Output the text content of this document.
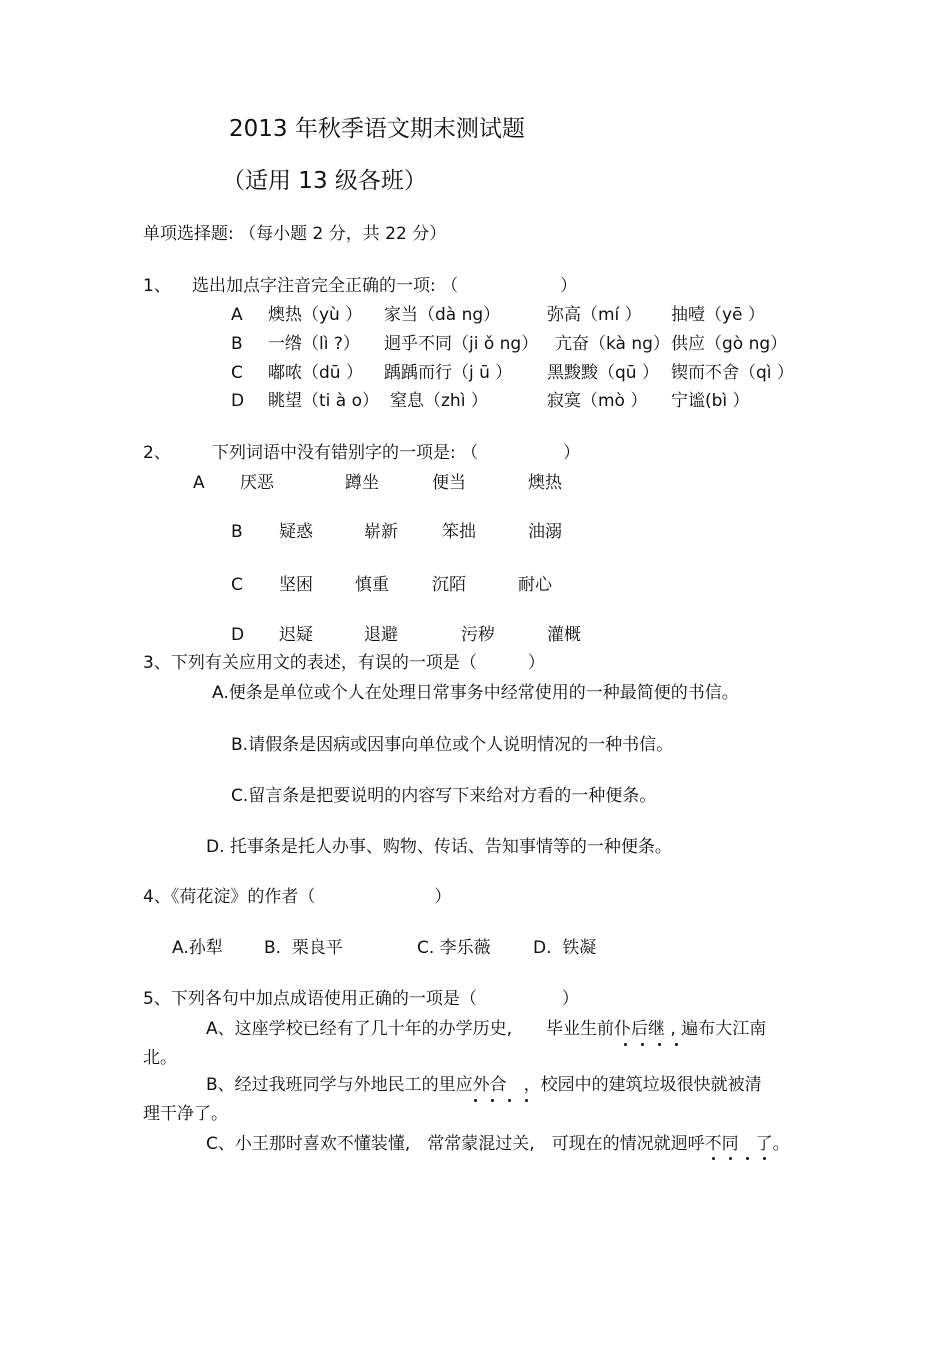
2013 年秋季语文期末测试题
（适用 13 级各班）
单项选择题: （每小题 2 分，共 22 分）
1、 选出加点字注音完全正确的一项: （　　　　　　）
A 燠热（yù ） 家当（dà ng）	弥高（mí ） 抽噎（yē ）
B 一绺（lì ?） 迥乎不同（ji ǒ ng） 亢奋（kà ng） 供应（gò ng）
C 嘟哝（dū ） 踽踽而行（j ū ） 黑黢黢（qū ） 锲而不舍（qì ）
D 眺望（ti à o） 窒息（zhì ）	寂寞（mò ） 宁谧(bì ）
2、 下列词语中没有错别字的一项是: （　　　　　）
A 厌恶	蹲坐	便当	燠热
B 疑惑	崭新	笨拙	油溺
C 坚困 慎重	沉陌	耐心
D 迟疑	退避	污秽	灌概
3、下列有关应用文的表述，有误的一项是（　　　）
A.便条是单位或个人在处理日常事务中经常使用的一种最简便的书信。
B.请假条是因病或因事向单位或个人说明情况的一种书信。
C.留言条是把要说明的内容写下来给对方看的一种便条。
D. 托事条是托人办事、购物、传话、告知事情等的一种便条。
4、《荷花淀》的作者（　　　　　　　）
A.孙犁 B.  栗良平	C. 李乐薇 D.  铁凝
5、下列各句中加点成语使用正确的一项是（　　　　　）
A、这座学校已经有了几十年的办学历史,　　毕业生前仆后继 , 遍布大江南
北。
B、经过我班同学与外地民工的里应外合　，校园中的建筑垃圾很快就被清
理干净了。
C、小王那时喜欢不懂装懂,　常常蒙混过关,　可现在的情况就迥呼不同　了。
